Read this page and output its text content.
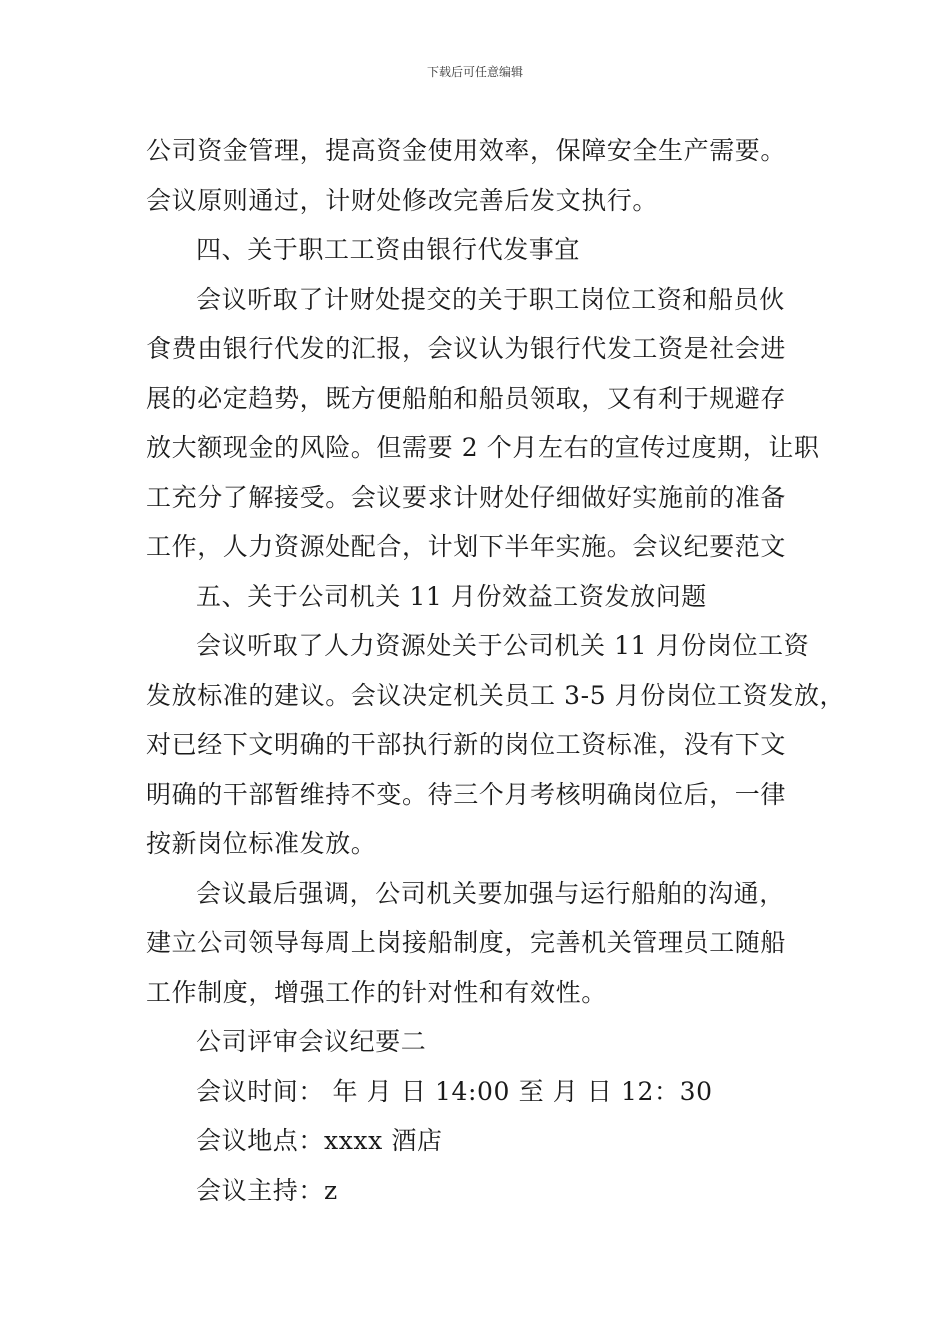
下载后可任意编辑
公司资金管理，提高资金使用效率，保障安全生产需要。
会议原则通过，计财处修改完善后发文执行。
四、关于职工工资由银行代发事宜
会议听取了计财处提交的关于职工岗位工资和船员伙
食费由银行代发的汇报，会议认为银行代发工资是社会进
展的必定趋势，既方便船舶和船员领取，又有利于规避存
放大额现金的风险。但需要 2 个月左右的宣传过度期，让职
工充分了解接受。会议要求计财处仔细做好实施前的准备
工作，人力资源处配合，计划下半年实施。会议纪要范文
五、关于公司机关 11 月份效益工资发放问题
会议听取了人力资源处关于公司机关 11 月份岗位工资
发放标准的建议。会议决定机关员工 3-5 月份岗位工资发放，
对已经下文明确的干部执行新的岗位工资标准，没有下文
明确的干部暂维持不变。待三个月考核明确岗位后，一律
按新岗位标准发放。
会议最后强调，公司机关要加强与运行船舶的沟通，
建立公司领导每周上岗接船制度，完善机关管理员工随船
工作制度，增强工作的针对性和有效性。
公司评审会议纪要二
会议时间： 年 月 日 14:00 至 月 日 12：30
会议地点：xxxx 酒店
会议主持：z
